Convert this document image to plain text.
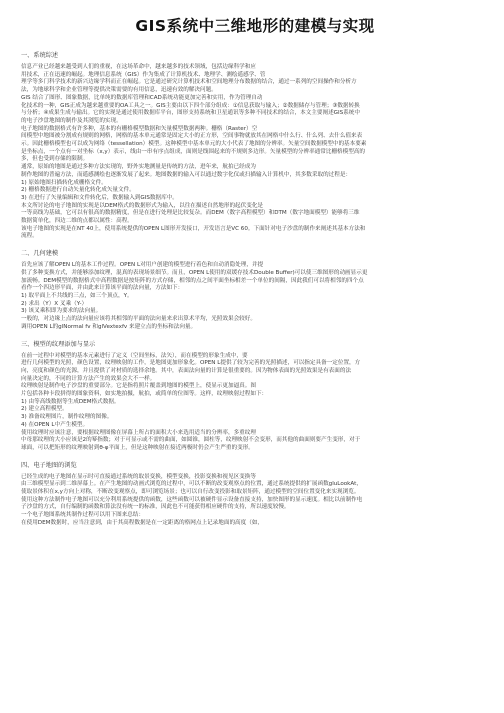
GIS系统中三维地形的建模与实现
一、系统综述
信息产业已经越来越受到人们的重视，在这场革命中，越来越多的技术领域，包括边缘科学和应
用技术，正在迅速的崛起。地理信息系统（GIS）作为集成了计算机技术、地理学、测绘遥感学、管
理学等多门科学技术的新兴边缘学科而正在崛起。它是通过研究计算机技术和空间地理分布数据的结合，通过一系列的空间操作和分析方
法，为地球科学和企业管理等提供决策需要的有用信息，迅速有效的解决问题。
GIS 结合了图形、图象数据，比单纯的数据库管理和CAD系统功能更加完善和实用，作为管理自动
化技术的一种，GIS正成为越来越重要的OA工具之一。GIS主要由以下四个部分组成：①信息获取与输入；②数据储存与管理；③数据转换
与分析；④成果生成与输出。它的实现是通过使用数据库平台，图形支持系统和卫星通讯等多种不同技术的结合，本文主要阐述GIS系统中
的电子沙盘地图的制作及其浏览的实现。
电子地图的数据格式有许多种，基本的有栅格模型数据和矢量模型数据两种。栅格（Raster）空
间模型中地图被分割成有规则的网格，网格的基本单元通常是固定大小的正方形，空间事物就放其在网格中什么行、什么列、去什么值来表
示。因此栅格模型也可以成为网络（tessellation）模型。这种模型中基本单元的大小代表了地图的分辨率。矢量空间数据模型中的基本要素
是坐标点，一个点有一对坐标（x,y）表示，线由一串有序点组成，面则是线围起来的不规则多边形。矢量模型的分辨率通常比栅格模型高的
多，但也受到存储的限制。
通常，原始的地图是通过多种方法实现的，野外实地测量是传统的方法，进年来，航拍已经成为
制作地图的普遍方法，而遥感测绘也逐渐发展了起来。地图数据的输入可以通过数字化仪或扫描输入计算机中，其多数采取的过程是：
1) 原始地图扫描转化成栅格文件。
2) 栅格数据进行自动矢量化转化成矢量文件。
3) 在进行了矢量编辑和文件转化后，数据输入到GIS数据库中。
本文所讨论的电子地图的实现是以DEM格式的数据形式为输入，以往在描述自然地形的起伏变化是
一等高线为基础，它可以有很高的数据精度，但是在进行处理是比较复杂。而DEM（数字高程模型）和DTM（数字地面模型）能够将三维
数据简单化，四边二维的点都以属性：高程。
该电子地图的实现是在NT 40上，使用系统提供的OPEN L图形开发接口，开发语言是VC 60。下面针对电子沙盘的制作来阐述其基本方法和
流程。
二、几何建模
首先应该了解OPEN L的基本工作过程。OPEN L对用户创建的模型进行着色和自动消隐处理，并提
供了多种变换方式，并能够添加纹理，混真的表现场景细节。而且，OPEN L使用的双缓存技术Double Buffer)可以使三维图形的动画显示更
加流畅。DEM模型的数据格式中高程数据是按矩阵的方式存储，相邻的点之间平面坐标相差一个单位的间隔，因此我们可以将相邻的四个点
看作一个四边形平面，并由此来计算该平面的法向量，方法如下：
1) 取平面上不共线的三点，如三个顶点，Y。
2) 求出（Y）X 叉乘（Y-）
3) 该叉乘积即为要求的法向量。
一般的，对边缘上点的法向量应该将其相邻的平面的法向量来求出算术平均，光照效果会较好。
调用OPEN L的glNormal fv 和glVextexfv 来建立点的坐标和法向量。
三、模型的纹理添加与显示
在前一过程中对模型的基本元素进行了定义（空间坐标，法矢），而在模型的形象生成中，要
进行几何模型的光照，颜色设置，纹理映射的工作，是地图更加形象化。OPEN L提供了较为完善的光照描述，可以指定具备一定位置，方
向，亮度和颜色的光源，并且提供了对材质的选择余地。其中，表面法向量的计算是很重要的。因为物体表面的光照效果是有表面的法
向量决定的，不同的计算方法产生的效果会大不一样。
纹理映射是制作电子沙盘的重要部分。它是指将照片覆盖到地图的模型上，使显示更加逼真。图
片包括各种卡段拼得的图象资料，如实地拍摄，航拍，或简单的位图等。这样，纹理映射过程如下：
1) 由等高线数据等生成DEM格式数据。
2) 建立高程模型。
3) 准备纹理图片，制作纹理的图像。
4) 在OPEN L中产生模型。
使用纹理时应该注意，要根据纹理图像在屏幕上所占的面积大小来选用适当的分辨率，多重纹理
中母那纹理的大小应该是2的幂指数；对于可显示或不需的曲面，如圆锥，圆柱等，纹理映射不会变形，而其他的曲面则要产生变形，对于
球面，可以把矩形的纹理映射到θ-φ平面上，但是这种映射在接近两极时仍会产生严重的变形。
四、电子地图的浏览
已经生成的电子地图在显示时可直接通过系统的取景变换，模型变换，投影变换和视见区变换等
由三维模型显示到二维屏幕上。在产生地图的动画式浏览的过程中，可以不断的改变观察点的位置，通过系统提供的扩展函数gluLookAt，
使取景体积在x,y方向上对称，不断改变观察点，即可浏览场景；也可以自行改变投影和取景矩阵，通过模型的空间位置变化来实现浏览。
使用这种方法制作电子地图可以充分利用系统提供的函数，这些函数可以被硬件显示设备直接支持，加快图形的显示速度。相比以前制作电
子沙盘的方式，自行编制的函数和算法没有统一的标准，因此也不可能获得相应硬件的支持，所以速度较慢。
一个电子地图系统其制作过程可以用下图来总结：
在使用DEM数据时，应当注意到，由于其高程数据是在一定距离的格网点上记录地面的高度（如，
